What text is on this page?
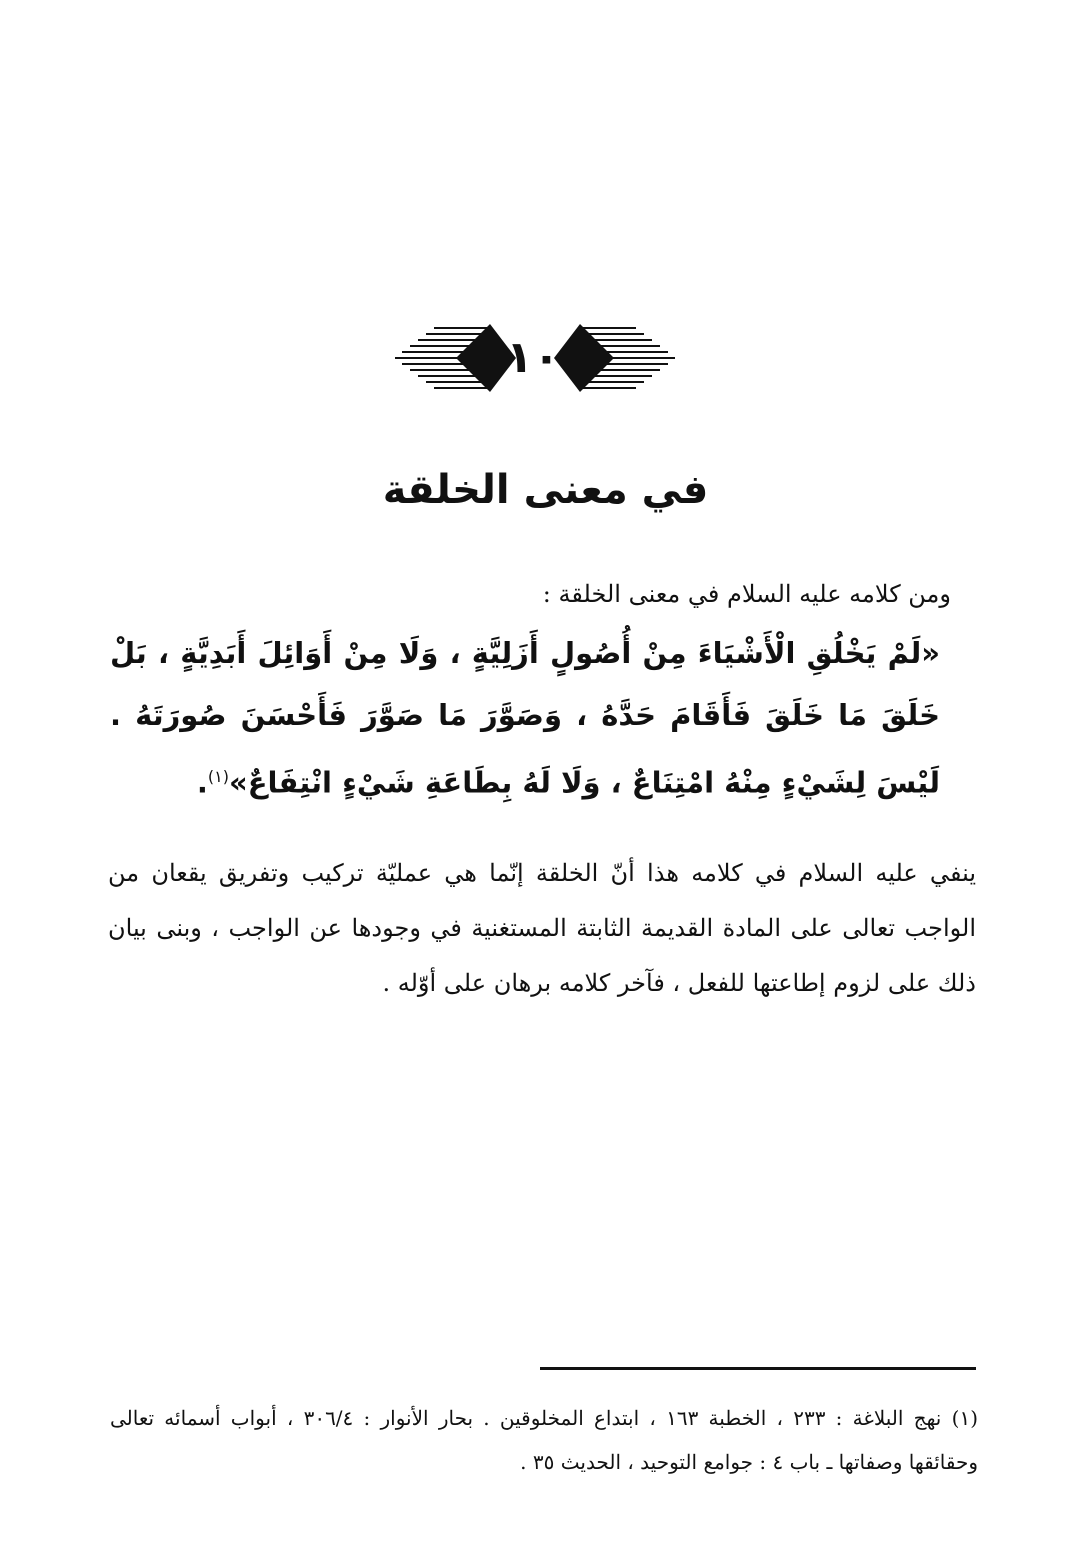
١٠
في معنى الخلقة

ومن كلامه عليه السلام في معنى الخلقة :

«لَمْ يَخْلُقِ الْأَشْيَاءَ مِنْ أُصُولٍ أَزَلِيَّةٍ ، وَلَا مِنْ أَوَائِلَ أَبَدِيَّةٍ ، بَلْ خَلَقَ مَا خَلَقَ فَأَقَامَ حَدَّهُ ، وَصَوَّرَ مَا صَوَّرَ فَأَحْسَنَ صُورَتَهُ . لَيْسَ لِشَيْءٍ مِنْهُ امْتِنَاعٌ ، وَلَا لَهُ بِطَاعَةِ شَيْءٍ انْتِفَاعٌ»$^{(١)}$.

ينفي عليه السلام في كلامه هذا أنّ الخلقة إنّما هي عمليّة تركيب وتفريق يقعان من الواجب تعالى على المادة القديمة الثابتة المستغنية في وجودها عن الواجب ، وبنى بيان ذلك على لزوم إطاعتها للفعل ، فآخر كلامه برهان على أوّله .

(١) نهج البلاغة : ٢٣٣ ، الخطبة ١٦٣ ، ابتداع المخلوقين . بحار الأنوار : ٣٠٦/٤ ، أبواب أسمائه تعالى وحقائقها وصفاتها ـ باب ٤ : جوامع التوحيد ، الحديث ٣٥ .
